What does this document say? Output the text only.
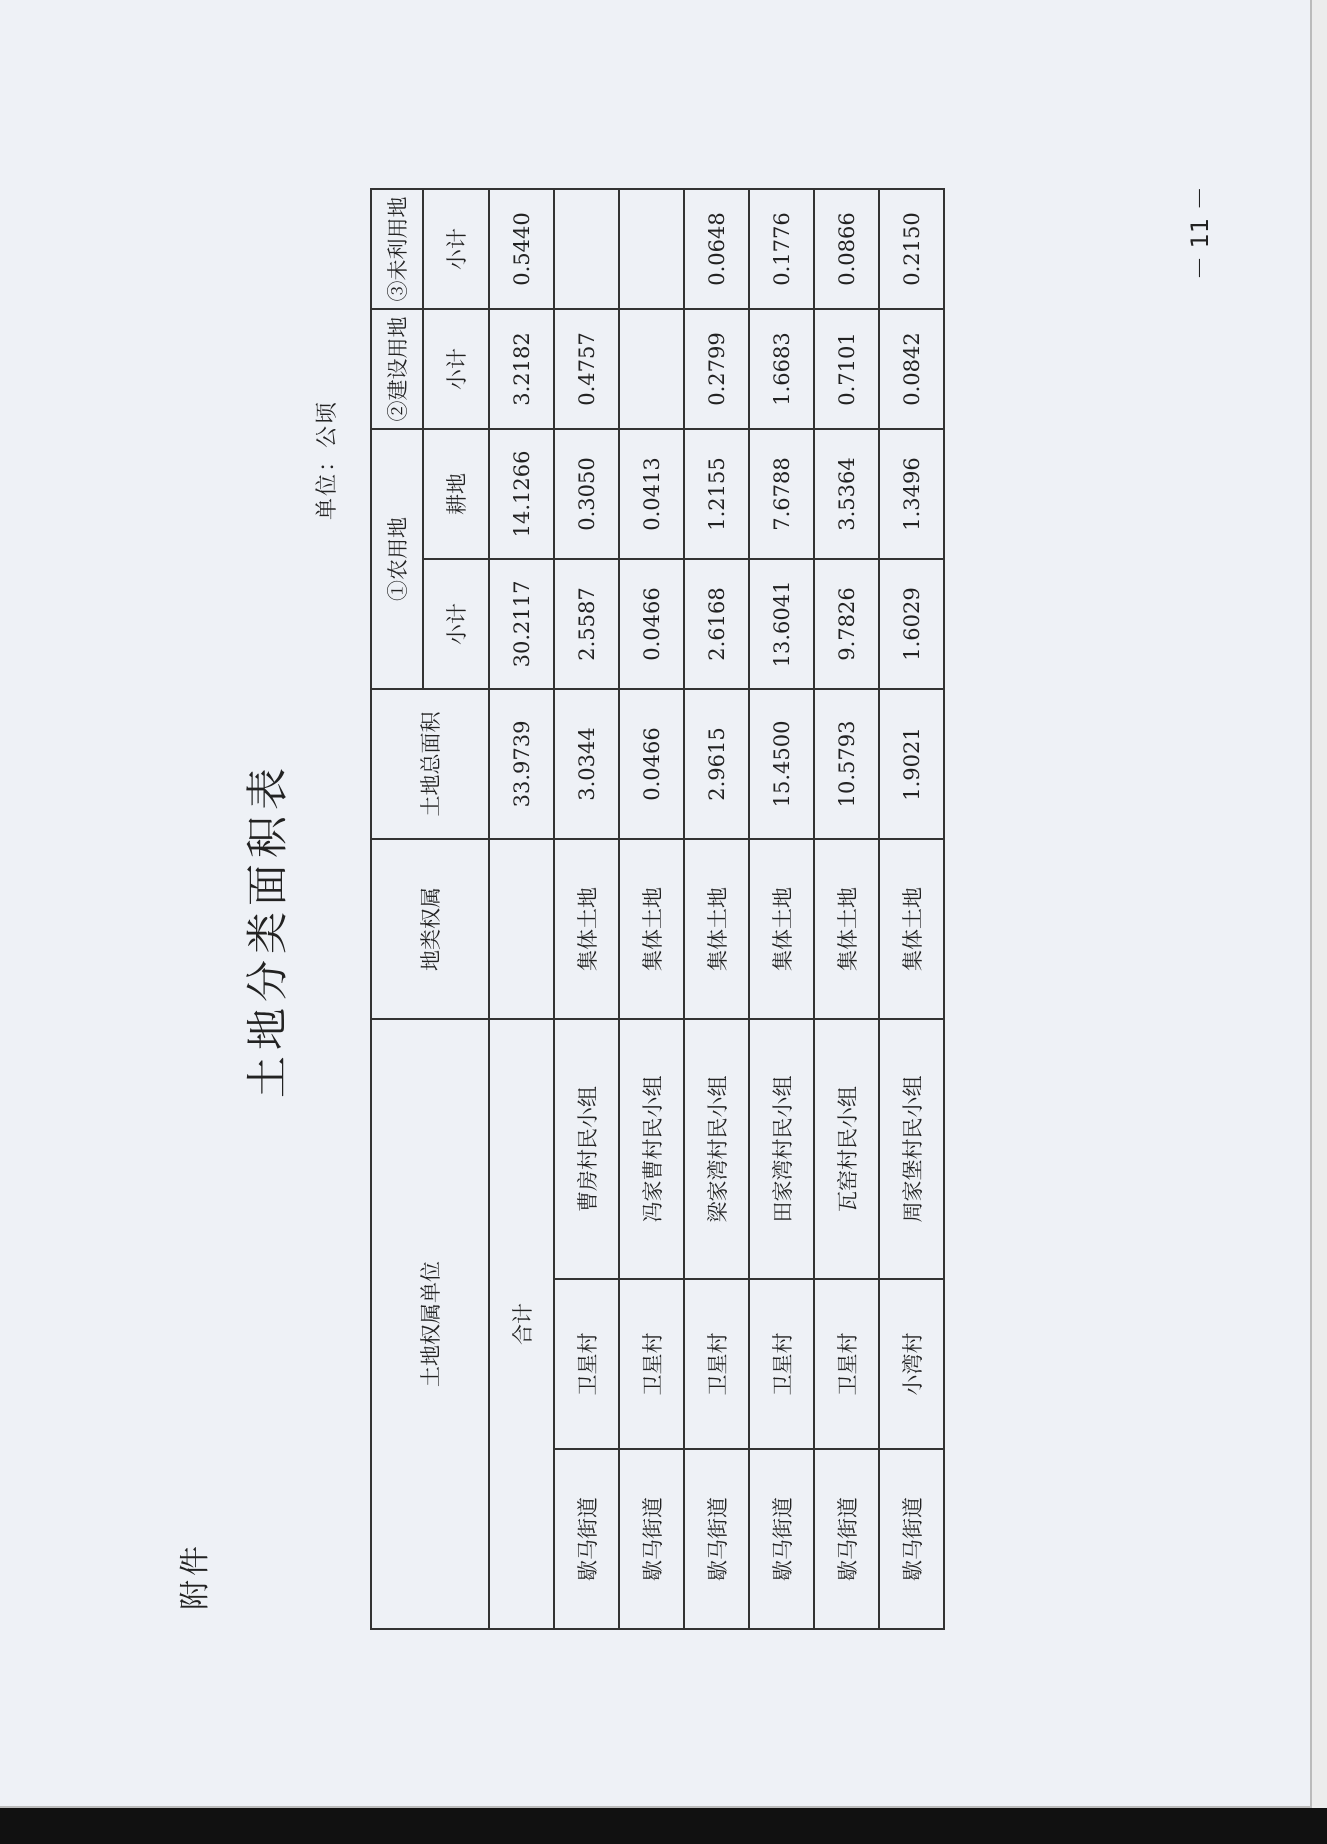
附件
土地分类面积表
单位：公顷
土地权属单位			地类权属	土地总面积	①农用地		②建设用地	③未利用地
					小计	耕地	小计	小计
合计				33.9739	30.2117	14.1266	3.2182	0.5440
歇马街道	卫星村	曹房村民小组	集体土地	3.0344	2.5587	0.3050	0.4757	
歇马街道	卫星村	冯家曹村民小组	集体土地	0.0466	0.0466	0.0413		
歇马街道	卫星村	梁家湾村民小组	集体土地	2.9615	2.6168	1.2155	0.2799	0.0648
歇马街道	卫星村	田家湾村民小组	集体土地	15.4500	13.6041	7.6788	1.6683	0.1776
歇马街道	卫星村	瓦窑村民小组	集体土地	10.5793	9.7826	3.5364	0.7101	0.0866
歇马街道	小湾村	周家堡村民小组	集体土地	1.9021	1.6029	1.3496	0.0842	0.2150	－ 11 －
